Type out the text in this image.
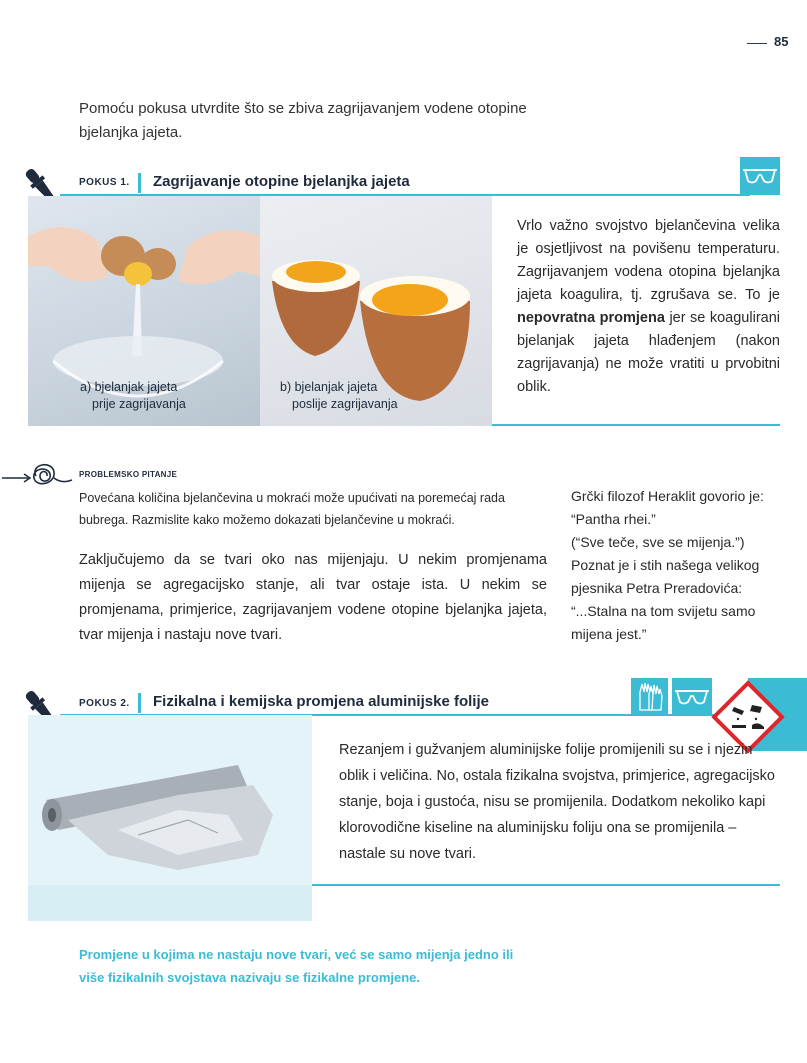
85
Pomoću pokusa utvrdite što se zbiva zagrijavanjem vodene otopine
bjelanjka jajeta.
POKUS 1. Zagrijavanje otopine bjelanjka jajeta
a) bjelanjak jajeta
prije zagrijavanja
b) bjelanjak jajeta
poslije zagrijavanja
Vrlo važno svojstvo bjelančevina velika je osjetljivost na povišenu temperaturu. Zagrijavanjem vodena otopina bjelanjka jajeta koagulira, tj. zgrušava se. To je nepovratna promjena jer se koagulirani bjelanjak jajeta hlađenjem (nakon zagrijavanja) ne može vratiti u prvobitni oblik.
PROBLEMSKO PITANJE
Povećana količina bjelančevina u mokraći može upućivati na poremećaj rada bubrega. Razmislite kako možemo dokazati bjelančevine u mokraći.
Zaključujemo da se tvari oko nas mijenjaju. U nekim promjenama mijenja se agregacijsko stanje, ali tvar ostaje ista. U nekim se promjenama, primjerice, zagrijavanjem vodene otopine bjelanjka jajeta, tvar mijenja i nastaju nove tvari.
Grčki filozof Heraklit govorio je:
“Pantha rhei.”
(“Sve teče, sve se mijenja.”)
Poznat je i stih našega velikog
pjesnika Petra Preradovića:
“...Stalna na tom svijetu samo
mijena jest.”
POKUS 2. Fizikalna i kemijska promjena aluminijske folije
Rezanjem i gužvanjem aluminijske folije promijenili su se i njezin oblik i veličina. No, ostala fizikalna svojstva, primjerice, agregacijsko stanje, boja i gustoća, nisu se promijenila. Dodatkom nekoliko kapi klorovodične kiseline na aluminijsku foliju ona se promijenila – nastale su nove tvari.
Promjene u kojima ne nastaju nove tvari, već se samo mijenja jedno ili
više fizikalnih svojstava nazivaju se fizikalne promjene.
